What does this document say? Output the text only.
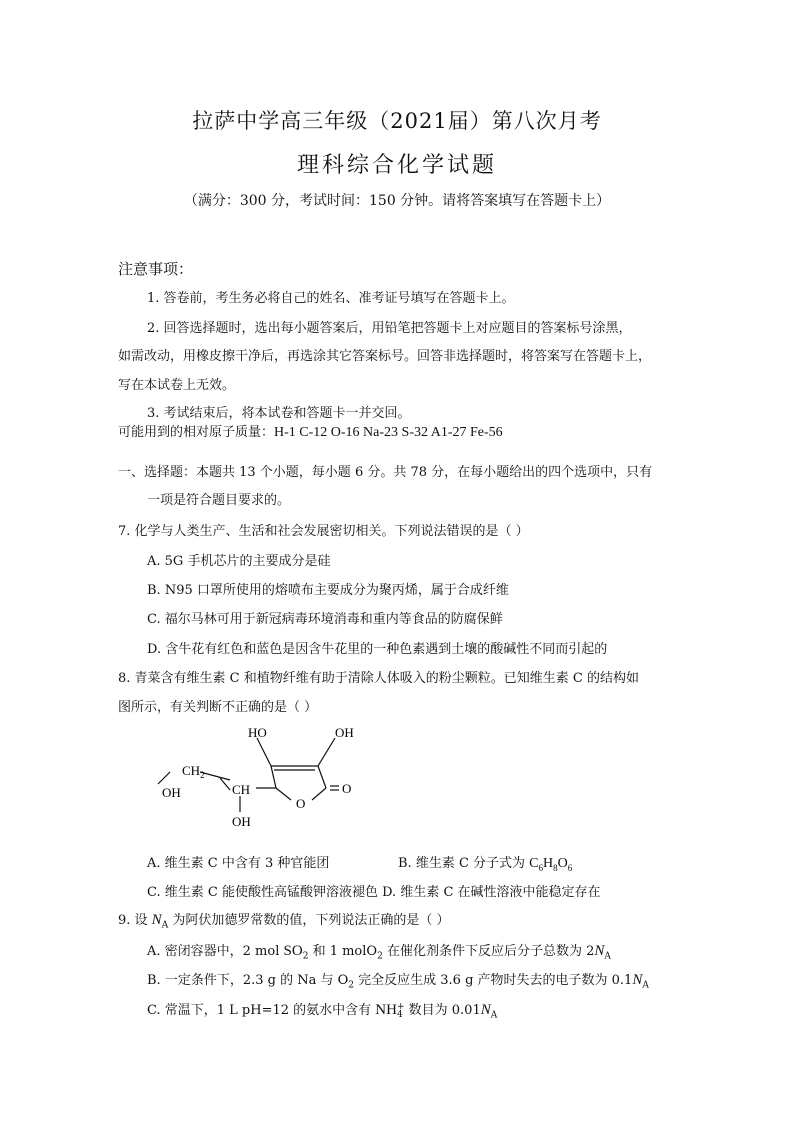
拉萨中学高三年级（2021届）第八次月考
理科综合化学试题
（满分：300 分，考试时间：150 分钟。请将答案填写在答题卡上）
注意事项：
1. 答卷前，考生务必将自己的姓名、准考证号填写在答题卡上。
2. 回答选择题时，选出每小题答案后，用铅笔把答题卡上对应题目的答案标号涂黑，
如需改动，用橡皮擦干净后，再选涂其它答案标号。回答非选择题时，将答案写在答题卡上，
写在本试卷上无效。
3. 考试结束后，将本试卷和答题卡一并交回。
可能用到的相对原子质量：H-1 C-12 O-16 Na-23 S-32 A1-27 Fe-56
一、选择题：本题共 13 个小题，每小题 6 分。共 78 分，在每小题给出的四个选项中，只有
一项是符合题目要求的。
7. 化学与人类生产、生活和社会发展密切相关。下列说法错误的是（ ）
A. 5G 手机芯片的主要成分是硅
B. N95 口罩所使用的熔喷布主要成分为聚丙烯，属于合成纤维
C. 福尔马林可用于新冠病毒环境消毒和重内等食品的防腐保鲜
D. 含牛花有红色和蓝色是因含牛花里的一种色素遇到土壤的酸碱性不同而引起的
8. 青菜含有维生素 C 和植物纤维有助于清除人体吸入的粉尘颗粒。已知维生素 C 的结构如
图所示，有关判断不正确的是（ ）
HO	OH
$CH_2$
OH	CH
OH
O
O
A. 维生素 C 中含有 3 种官能团	B. 维生素 C 分子式为 $C_6H_8O_6$
C. 维生素 C 能使酸性高锰酸钾溶液褪色 D. 维生素 C 在碱性溶液中能稳定存在
9. 设 $N_A$ 为阿伏加德罗常数的值，下列说法正确的是（ ）
A. 密闭容器中，2 mol $SO_2$ 和 1 molO$_2$ 在催化剂条件下反应后分子总数为 $2N_A$
B. 一定条件下，2.3 g 的 Na 与 $O_2$ 完全反应生成 3.6 g 产物时失去的电子数为 $0.1N_A$
C. 常温下，1 L pH=12 的氨水中含有 NH +
4 数目为 $0.01N_A$
